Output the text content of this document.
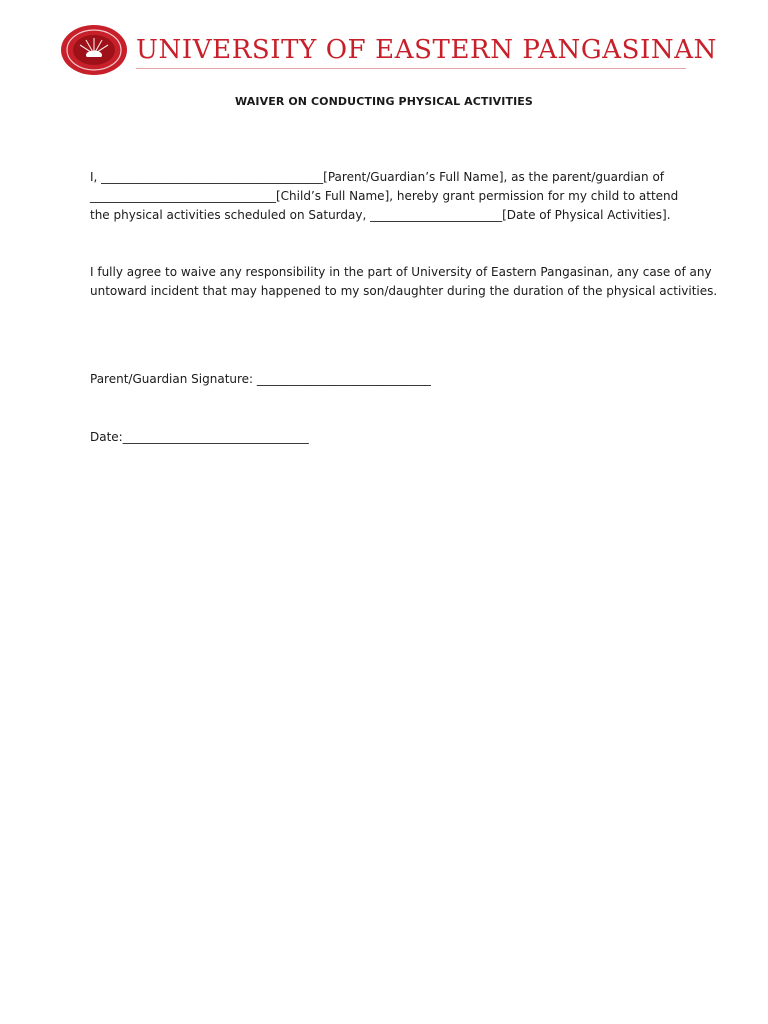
UNIVERSITY OF EASTERN PANGASINAN
WAIVER ON CONDUCTING PHYSICAL ACTIVITIES
I, _____________________________________[Parent/Guardian’s Full Name], as the parent/guardian of
_______________________________[Child’s Full Name], hereby grant permission for my child to attend
the physical activities scheduled on Saturday, ______________________[Date of Physical Activities].
I fully agree to waive any responsibility in the part of University of Eastern Pangasinan, any case of any
untoward incident that may happened to my son/daughter during the duration of the physical activities.
Parent/Guardian Signature: _____________________________
Date:_______________________________
